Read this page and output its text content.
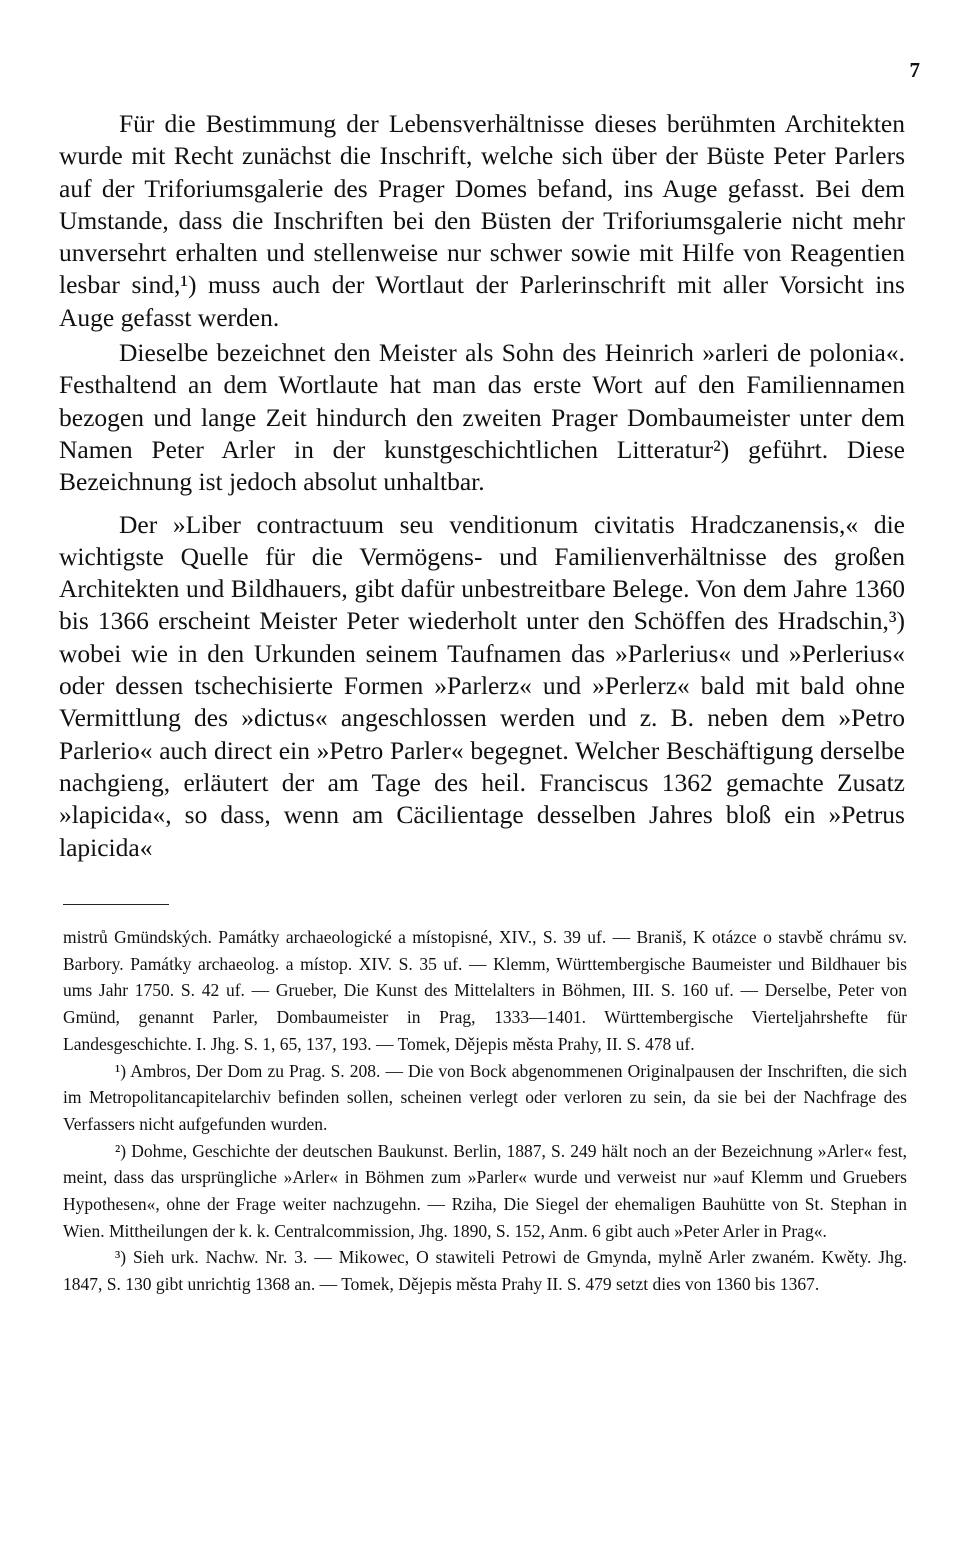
7

Für die Bestimmung der Lebensverhältnisse dieses berühmten Architekten wurde mit Recht zunächst die Inschrift, welche sich über der Büste Peter Parlers auf der Triforiumsgalerie des Prager Domes befand, ins Auge gefasst. Bei dem Umstande, dass die Inschriften bei den Büsten der Triforiumsgalerie nicht mehr unversehrt erhalten und stellenweise nur schwer sowie mit Hilfe von Reagentien lesbar sind,¹) muss auch der Wortlaut der Parlerinschrift mit aller Vorsicht ins Auge gefasst werden.

Dieselbe bezeichnet den Meister als Sohn des Heinrich »arleri de polonia«. Festhaltend an dem Wortlaute hat man das erste Wort auf den Familiennamen bezogen und lange Zeit hindurch den zweiten Prager Dombaumeister unter dem Namen Peter Arler in der kunstgeschichtlichen Litteratur²) geführt. Diese Bezeichnung ist jedoch absolut unhaltbar.

Der »Liber contractuum seu venditionum civitatis Hradczanensis,« die wichtigste Quelle für die Vermögens- und Familienverhältnisse des großen Architekten und Bildhauers, gibt dafür unbestreitbare Belege. Von dem Jahre 1360 bis 1366 erscheint Meister Peter wiederholt unter den Schöffen des Hradschin,³) wobei wie in den Urkunden seinem Taufnamen das »Parlerius« und »Perlerius« oder dessen tschechisierte Formen »Parlerz« und »Perlerz« bald mit bald ohne Vermittlung des »dictus« angeschlossen werden und z. B. neben dem »Petro Parlerio« auch direct ein »Petro Parler« begegnet. Welcher Beschäftigung derselbe nachgieng, erläutert der am Tage des heil. Franciscus 1362 gemachte Zusatz »lapicida«, so dass, wenn am Cäcilientage desselben Jahres bloß ein »Petrus lapicida«

mistrů Gmündských. Památky archaeologické a místopisné, XIV., S. 39 uf. — Braniš, K otázce o stavbě chrámu sv. Barbory. Památky archaeolog. a místop. XIV. S. 35 uf. — Klemm, Württembergische Baumeister und Bildhauer bis ums Jahr 1750. S. 42 uf. — Grueber, Die Kunst des Mittelalters in Böhmen, III. S. 160 uf. — Derselbe, Peter von Gmünd, genannt Parler, Dombaumeister in Prag, 1333—1401. Württembergische Vierteljahrshefte für Landesgeschichte. I. Jhg. S. 1, 65, 137, 193. — Tomek, Dějepis města Prahy, II. S. 478 uf.

¹) Ambros, Der Dom zu Prag. S. 208. — Die von Bock abgenommenen Originalpausen der Inschriften, die sich im Metropolitancapitelarchiv befinden sollen, scheinen verlegt oder verloren zu sein, da sie bei der Nachfrage des Verfassers nicht aufgefunden wurden.

²) Dohme, Geschichte der deutschen Baukunst. Berlin, 1887, S. 249 hält noch an der Bezeichnung »Arler« fest, meint, dass das ursprüngliche »Arler« in Böhmen zum »Parler« wurde und verweist nur »auf Klemm und Gruebers Hypothesen«, ohne der Frage weiter nachzugehn. — Rziha, Die Siegel der ehemaligen Bauhütte von St. Stephan in Wien. Mittheilungen der k. k. Centralcommission, Jhg. 1890, S. 152, Anm. 6 gibt auch »Peter Arler in Prag«.

³) Sieh urk. Nachw. Nr. 3. — Mikowec, O stawiteli Petrowi de Gmynda, mylně Arler zwaném. Kwěty. Jhg. 1847, S. 130 gibt unrichtig 1368 an. — Tomek, Dějepis města Prahy II. S. 479 setzt dies von 1360 bis 1367.
